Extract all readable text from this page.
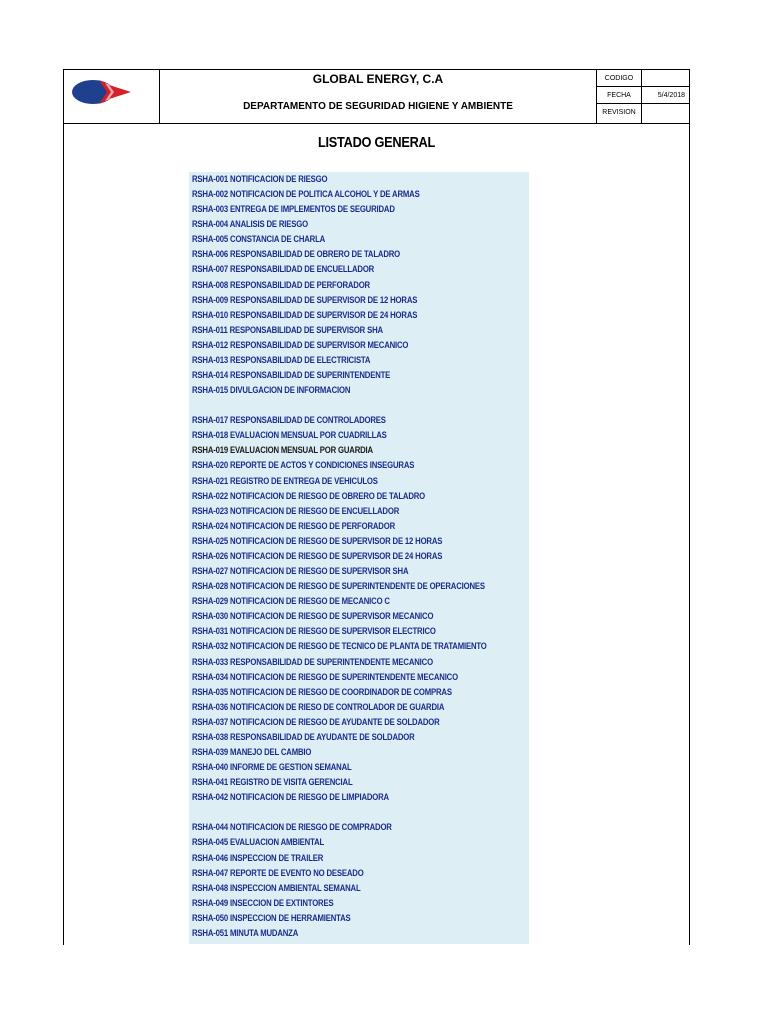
GLOBAL ENERGY, C.A
DEPARTAMENTO DE SEGURIDAD HIGIENE Y AMBIENTE
CODIGO
FECHA	5/4/2018
REVISION
LISTADO GENERAL
RSHA-001 NOTIFICACION DE RIESGO
RSHA-002 NOTIFICACION DE POLITICA ALCOHOL Y DE ARMAS
RSHA-003 ENTREGA DE IMPLEMENTOS DE SEGURIDAD
RSHA-004 ANALISIS DE RIESGO
RSHA-005 CONSTANCIA DE CHARLA
RSHA-006 RESPONSABILIDAD DE OBRERO DE TALADRO
RSHA-007 RESPONSABILIDAD DE ENCUELLADOR
RSHA-008 RESPONSABILIDAD DE PERFORADOR
RSHA-009 RESPONSABILIDAD DE SUPERVISOR DE 12 HORAS
RSHA-010 RESPONSABILIDAD DE SUPERVISOR DE 24 HORAS
RSHA-011 RESPONSABILIDAD DE SUPERVISOR SHA
RSHA-012 RESPONSABILIDAD DE SUPERVISOR MECANICO
RSHA-013 RESPONSABILIDAD DE ELECTRICISTA
RSHA-014 RESPONSABILIDAD DE SUPERINTENDENTE
RSHA-015 DIVULGACION DE INFORMACION
RSHA-017 RESPONSABILIDAD DE CONTROLADORES
RSHA-018 EVALUACION MENSUAL POR CUADRILLAS
RSHA-019 EVALUACION MENSUAL POR GUARDIA
RSHA-020 REPORTE DE ACTOS Y CONDICIONES INSEGURAS
RSHA-021 REGISTRO DE ENTREGA DE VEHICULOS
RSHA-022 NOTIFICACION DE RIESGO DE OBRERO DE TALADRO
RSHA-023 NOTIFICACION DE RIESGO DE ENCUELLADOR
RSHA-024 NOTIFICACION DE RIESGO DE PERFORADOR
RSHA-025 NOTIFICACION DE RIESGO DE SUPERVISOR DE 12 HORAS
RSHA-026 NOTIFICACION DE RIESGO DE SUPERVISOR DE 24 HORAS
RSHA-027 NOTIFICACION DE RIESGO DE SUPERVISOR SHA
RSHA-028 NOTIFICACION DE RIESGO DE SUPERINTENDENTE DE OPERACIONES
RSHA-029 NOTIFICACION DE RIESGO DE MECANICO C
RSHA-030 NOTIFICACION DE RIESGO DE SUPERVISOR MECANICO
RSHA-031 NOTIFICACION DE RIESGO DE SUPERVISOR ELECTRICO
RSHA-032 NOTIFICACION DE RIESGO DE TECNICO DE PLANTA DE TRATAMIENTO
RSHA-033 RESPONSABILIDAD DE SUPERINTENDENTE MECANICO
RSHA-034 NOTIFICACION DE RIESGO DE SUPERINTENDENTE MECANICO
RSHA-035 NOTIFICACION DE RIESGO DE COORDINADOR DE COMPRAS
RSHA-036 NOTIFICACION DE RIESO DE CONTROLADOR DE GUARDIA
RSHA-037 NOTIFICACION DE RIESGO DE AYUDANTE DE SOLDADOR
RSHA-038 RESPONSABILIDAD DE AYUDANTE DE SOLDADOR
RSHA-039 MANEJO DEL CAMBIO
RSHA-040 INFORME DE GESTION SEMANAL
RSHA-041 REGISTRO DE VISITA GERENCIAL
RSHA-042 NOTIFICACION DE RIESGO DE LIMPIADORA
RSHA-044 NOTIFICACION DE RIESGO DE COMPRADOR
RSHA-045 EVALUACION AMBIENTAL
RSHA-046 INSPECCION DE TRAILER
RSHA-047 REPORTE DE EVENTO NO DESEADO
RSHA-048 INSPECCION AMBIENTAL SEMANAL
RSHA-049 INSECCION DE EXTINTORES
RSHA-050 INSPECCION DE HERRAMIENTAS
RSHA-051 MINUTA MUDANZA
